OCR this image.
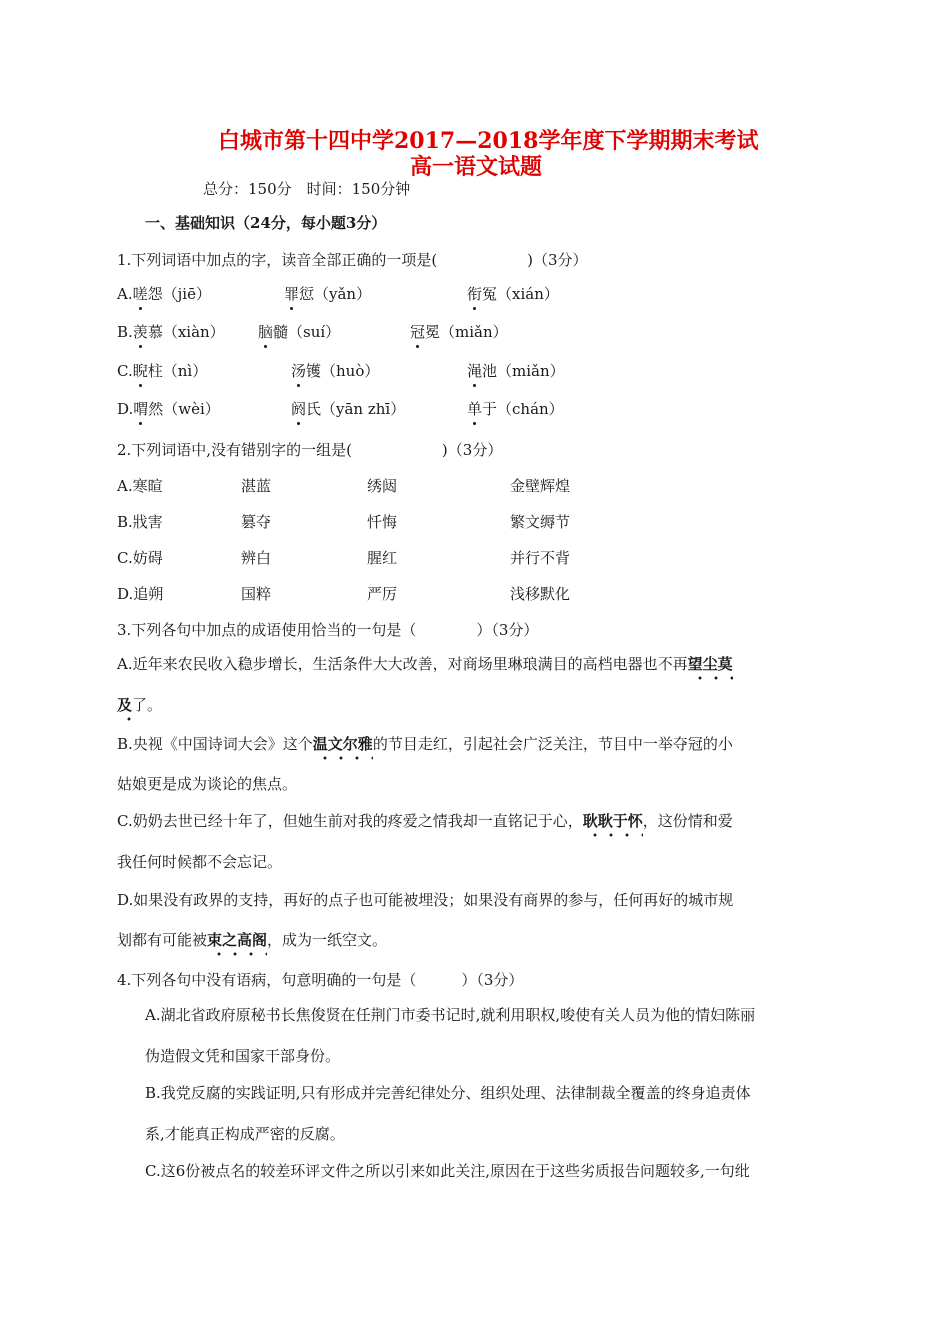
白城市第十四中学2017—2018学年度下学期期末考试
高一语文试题
总分：150分　时间：150分钟
一、基础知识（24分，每小题3分）
1.下列词语中加点的字，读音全部正确的一项是(　　　　　　)（3分）
A.嗟怨（jiē）	罪愆（yǎn）	衔冤（xián）
B.羡慕（xiàn） 脑髓（suí）	冠冕（miǎn）
C.睨柱（nì）	汤镬（huò）	渑池（miǎn）
D.喟然（wèi）	阏氏（yān zhī）	单于（chán）
2.下列词语中,没有错别字的一组是(　　　　　　)（3分）
A.寒暄	湛蓝	绣闼	金壁辉煌
B.戕害	篡夺	忏悔	繁文缛节
C.妨碍	辨白	腥红	并行不背
D.追朔	国粹	严厉	浅移默化
3.下列各句中加点的成语使用恰当的一句是（　　　　）（3分）
A.近年来农民收入稳步增长，生活条件大大改善，对商场里琳琅满目的高档电器也不再望尘莫
及了。
B.央视《中国诗词大会》这个温文尔雅的节目走红，引起社会广泛关注，节目中一举夺冠的小
姑娘更是成为谈论的焦点。
C.奶奶去世已经十年了，但她生前对我的疼爱之情我却一直铭记于心，耿耿于怀，这份情和爱
我任何时候都不会忘记。
D.如果没有政界的支持，再好的点子也可能被埋没；如果没有商界的参与，任何再好的城市规
划都有可能被束之高阁，成为一纸空文。
4.下列各句中没有语病，句意明确的一句是（　　　）（3分）
A.湖北省政府原秘书长焦俊贤在任荆门市委书记时,就利用职权,唆使有关人员为他的情妇陈丽
伪造假文凭和国家干部身份。
B.我党反腐的实践证明,只有形成并完善纪律处分、组织处理、法律制裁全覆盖的终身追责体
系,才能真正构成严密的反腐。
C.这6份被点名的较差环评文件之所以引来如此关注,原因在于这些劣质报告问题较多,一句纰
